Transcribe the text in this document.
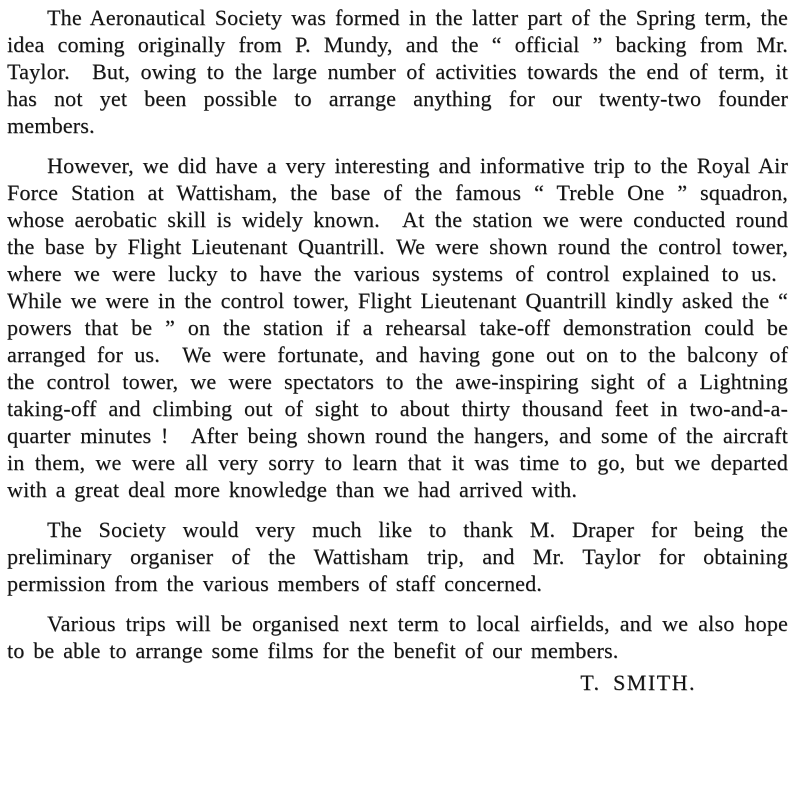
The Aeronautical Society was formed in the latter part of the Spring term, the idea coming originally from P. Mundy, and the “ official ” backing from Mr. Taylor. But, owing to the large number of activities towards the end of term, it has not yet been possible to arrange anything for our twenty-two founder members.

However, we did have a very interesting and informative trip to the Royal Air Force Station at Wattisham, the base of the famous “ Treble One ” squadron, whose aerobatic skill is widely known. At the station we were conducted round the base by Flight Lieutenant Quantrill. We were shown round the control tower, where we were lucky to have the various systems of control explained to us. While we were in the control tower, Flight Lieutenant Quantrill kindly asked the “ powers that be ” on the station if a rehearsal take-off demonstration could be arranged for us. We were fortunate, and having gone out on to the balcony of the control tower, we were spectators to the awe-inspiring sight of a Lightning taking-off and climbing out of sight to about thirty thousand feet in two-and-a-quarter minutes ! After being shown round the hangers, and some of the aircraft in them, we were all very sorry to learn that it was time to go, but we departed with a great deal more knowledge than we had arrived with.

The Society would very much like to thank M. Draper for being the preliminary organiser of the Wattisham trip, and Mr. Taylor for obtaining permission from the various members of staff concerned.

Various trips will be organised next term to local airfields, and we also hope to be able to arrange some films for the benefit of our members.

T. SMITH.
